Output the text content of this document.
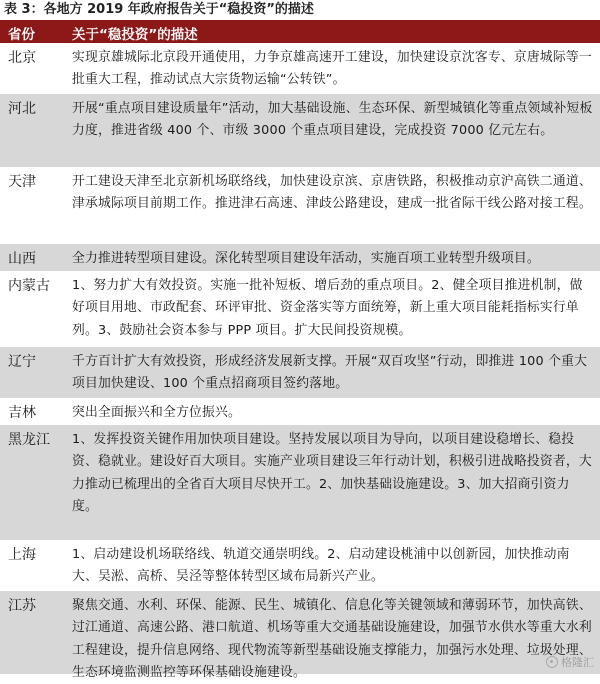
表 3：各地方 2019 年政府报告关于“稳投资”的描述
省份	关于“稳投资”的描述
北京	实现京雄城际北京段开通使用，力争京雄高速开工建设，加快建设京沈客专、京唐城际等一批重大工程，推动试点大宗货物运输“公转铁”。
河北	开展“重点项目建设质量年”活动，加大基础设施、生态环保、新型城镇化等重点领域补短板力度，推进省级 400 个、市级 3000 个重点项目建设，完成投资 7000 亿元左右。
天津	开工建设天津至北京新机场联络线，加快建设京滨、京唐铁路，积极推动京沪高铁二通道、津承城际项目前期工作。推进津石高速、津歧公路建设，建成一批省际干线公路对接工程。
山西	全力推进转型项目建设。深化转型项目建设年活动，实施百项工业转型升级项目。
内蒙古 1、努力扩大有效投资。实施一批补短板、增后劲的重点项目。2、健全项目推进机制，做好项目用地、市政配套、环评审批、资金落实等方面统筹，新上重大项目能耗指标实行单列。3、鼓励社会资本参与 PPP 项目。扩大民间投资规模。
辽宁	千方百计扩大有效投资，形成经济发展新支撑。开展“双百攻坚”行动，即推进 100 个重大项目加快建设、100 个重点招商项目签约落地。
吉林	突出全面振兴和全方位振兴。
黑龙江 1、发挥投资关键作用加快项目建设。坚持发展以项目为导向，以项目建设稳增长、稳投资、稳就业。建设好百大项目。实施产业项目建设三年行动计划，积极引进战略投资者，大力推动已梳理出的全省百大项目尽快开工。2、加快基础设施建设。3、加大招商引资力度。
上海	1、启动建设机场联络线、轨道交通崇明线。2、启动建设桃浦中以创新园，加快推动南大、吴淞、高桥、吴泾等整体转型区域布局新兴产业。
江苏	聚焦交通、水利、环保、能源、民生、城镇化、信息化等关键领域和薄弱环节，加快高铁、过江通道、高速公路、港口航道、机场等重大交通基础设施建设，加强节水供水等重大水利工程建设，提升信息网络、现代物流等新型基础设施支撑能力，加强污水处理、垃圾处理、生态环境监测监控等环保基础设施建设。
格隆汇
